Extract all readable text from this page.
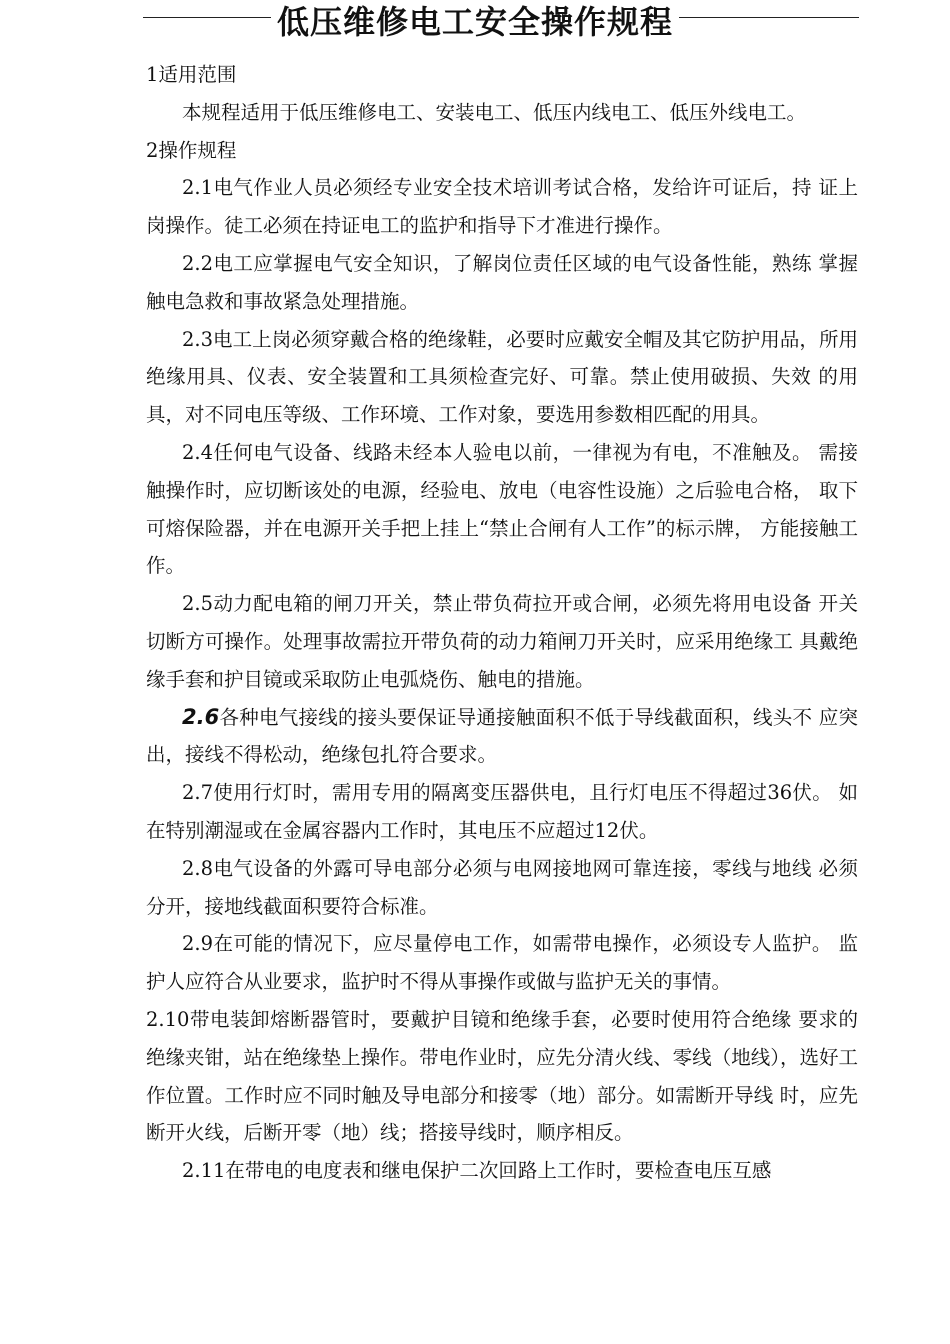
低压维修电工安全操作规程

1适用范围

本规程适用于低压维修电工、安装电工、低压内线电工、低压外线电工。

2操作规程

2.1电气作业人员必须经专业安全技术培训考试合格，发给许可证后，持 证上岗操作。徒工必须在持证电工的监护和指导下才准进行操作。

2.2电工应掌握电气安全知识，了解岗位责任区域的电气设备性能，熟练 掌握触电急救和事故紧急处理措施。

2.3电工上岗必须穿戴合格的绝缘鞋，必要时应戴安全帽及其它防护用品，所用绝缘用具、仪表、安全装置和工具须检查完好、可靠。禁止使用破损、失效 的用具，对不同电压等级、工作环境、工作对象，要选用参数相匹配的用具。

2.4任何电气设备、线路未经本人验电以前，一律视为有电，不准触及。 需接触操作时，应切断该处的电源，经验电、放电（电容性设施）之后验电合格， 取下可熔保险器，并在电源开关手把上挂上“禁止合闸有人工作”的标示牌， 方能接触工作。

2.5动力配电箱的闸刀开关，禁止带负荷拉开或合闸，必须先将用电设备 开关切断方可操作。处理事故需拉开带负荷的动力箱闸刀开关时，应采用绝缘工 具戴绝缘手套和护目镜或采取防止电弧烧伤、触电的措施。

2.6各种电气接线的接头要保证导通接触面积不低于导线截面积，线头不 应突出，接线不得松动，绝缘包扎符合要求。

2.7使用行灯时，需用专用的隔离变压器供电，且行灯电压不得超过36伏。 如在特别潮湿或在金属容器内工作时，其电压不应超过12伏。

2.8电气设备的外露可导电部分必须与电网接地网可靠连接，零线与地线 必须分开，接地线截面积要符合标准。

2.9在可能的情况下，应尽量停电工作，如需带电操作，必须设专人监护。 监护人应符合从业要求，监护时不得从事操作或做与监护无关的事情。

2.10带电装卸熔断器管时，要戴护目镜和绝缘手套，必要时使用符合绝缘 要求的绝缘夹钳，站在绝缘垫上操作。带电作业时，应先分清火线、零线（地线），选好工作位置。工作时应不同时触及导电部分和接零（地）部分。如需断开导线 时，应先断开火线，后断开零（地）线；搭接导线时，顺序相反。

2.11在带电的电度表和继电保护二次回路上工作时，要检查电压互感
